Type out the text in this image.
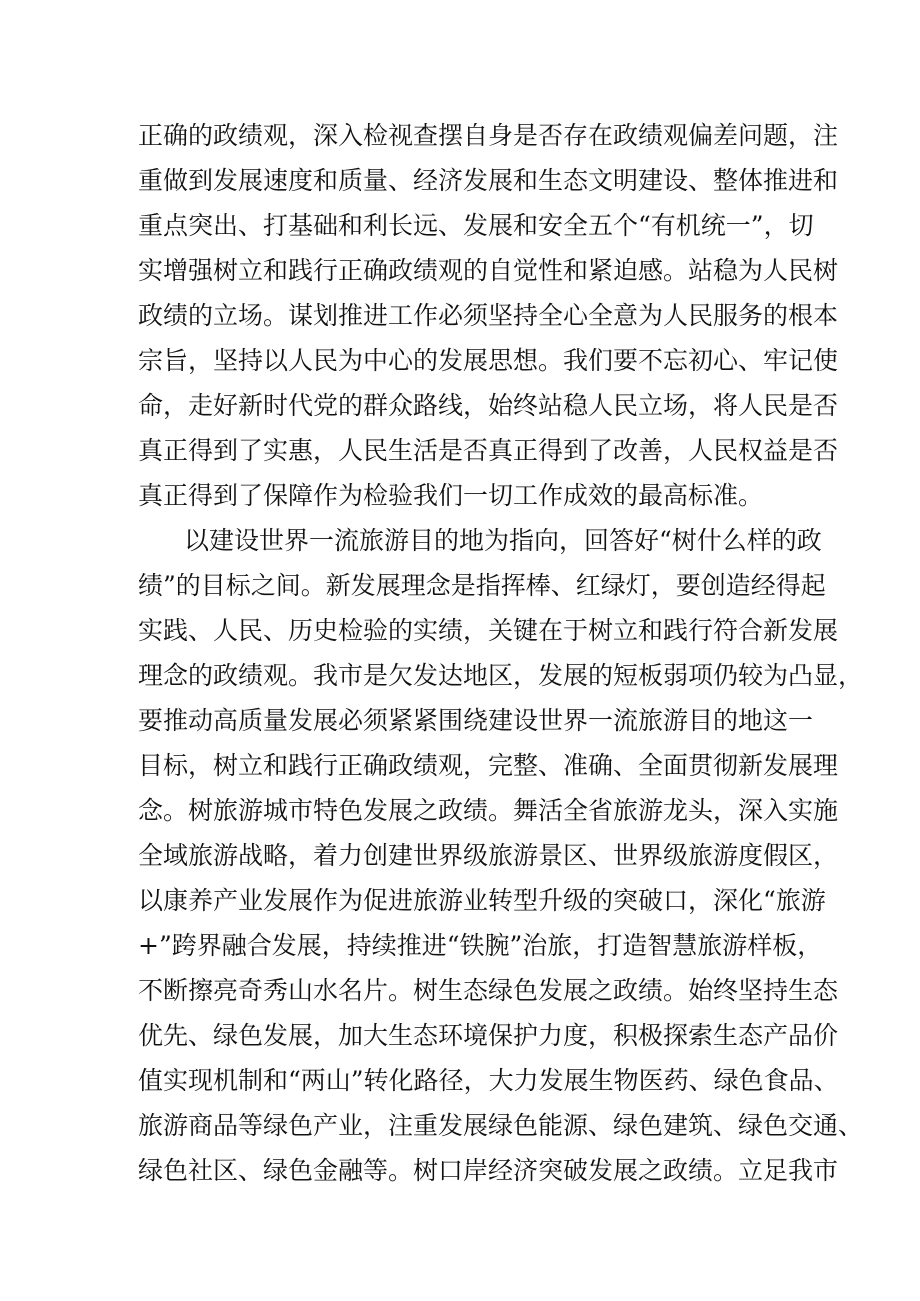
正确的政绩观，深入检视查摆自身是否存在政绩观偏差问题，注
重做到发展速度和质量、经济发展和生态文明建设、整体推进和
重点突出、打基础和利长远、发展和安全五个“有机统一”，切
实增强树立和践行正确政绩观的自觉性和紧迫感。站稳为人民树
政绩的立场。谋划推进工作必须坚持全心全意为人民服务的根本
宗旨，坚持以人民为中心的发展思想。我们要不忘初心、牢记使
命，走好新时代党的群众路线，始终站稳人民立场，将人民是否
真正得到了实惠，人民生活是否真正得到了改善，人民权益是否
真正得到了保障作为检验我们一切工作成效的最高标准。
以建设世界一流旅游目的地为指向，回答好“树什么样的政
绩”的目标之间。新发展理念是指挥棒、红绿灯，要创造经得起
实践、人民、历史检验的实绩，关键在于树立和践行符合新发展
理念的政绩观。我市是欠发达地区，发展的短板弱项仍较为凸显，
要推动高质量发展必须紧紧围绕建设世界一流旅游目的地这一
目标，树立和践行正确政绩观，完整、准确、全面贯彻新发展理
念。树旅游城市特色发展之政绩。舞活全省旅游龙头，深入实施
全域旅游战略，着力创建世界级旅游景区、世界级旅游度假区，
以康养产业发展作为促进旅游业转型升级的突破口，深化“旅游
+”跨界融合发展，持续推进“铁腕”治旅，打造智慧旅游样板，
不断擦亮奇秀山水名片。树生态绿色发展之政绩。始终坚持生态
优先、绿色发展，加大生态环境保护力度，积极探索生态产品价
值实现机制和“两山”转化路径，大力发展生物医药、绿色食品、
旅游商品等绿色产业，注重发展绿色能源、绿色建筑、绿色交通、
绿色社区、绿色金融等。树口岸经济突破发展之政绩。立足我市
